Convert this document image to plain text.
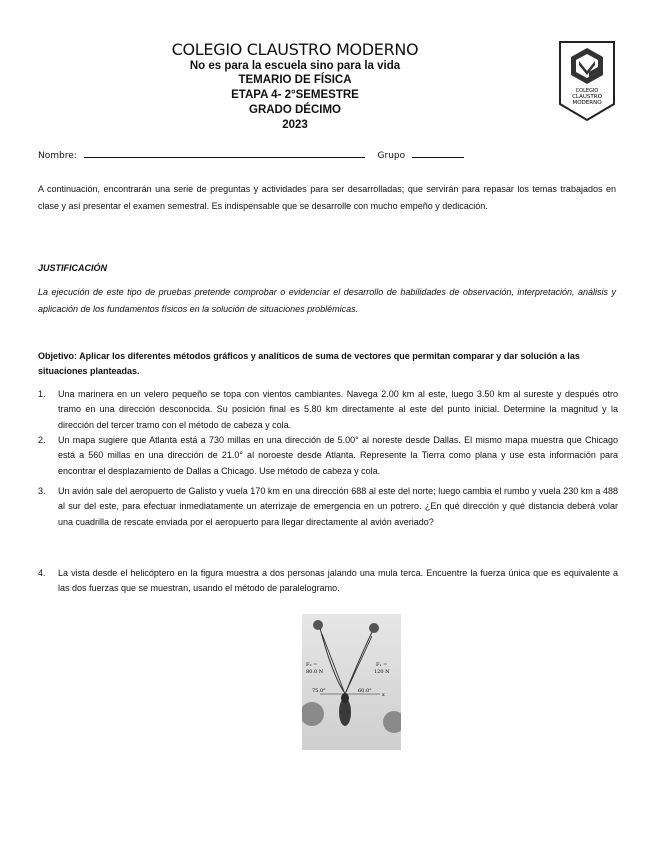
COLEGIO CLAUSTRO MODERNO
No es para la escuela sino para la vida
TEMARIO DE FÍSICA
ETAPA 4- 2°SEMESTRE
GRADO DÉCIMO
2023
COLEGIO
CLAUSTRO
MODERNO
Nombre:	Grupo
A continuación, encontrarán una serie de preguntas y actividades para ser desarrolladas; que servirán para repasar los temas trabajados en clase y así presentar el examen semestral. Es indispensable que se desarrolle con mucho empeño y dedicación.
JUSTIFICACIÓN
La ejecución de este tipo de pruebas pretende comprobar o evidenciar el desarrollo de habilidades de observación, interpretación, análisis y aplicación de los fundamentos físicos en la solución de situaciones problémicas.
Objetivo: Aplicar los diferentes métodos gráficos y analíticos de suma de vectores que permitan comparar y dar solución a las situaciones planteadas.
1.	Una marinera en un velero pequeño se topa con vientos cambiantes. Navega 2.00 km al este, luego 3.50 km al sureste y después otro tramo en una dirección desconocida. Su posición final es 5.80 km directamente al este del punto inicial. Determine la magnitud y la dirección del tercer tramo con el método de cabeza y cola.
2.	Un mapa sugiere que Atlanta está a 730 millas en una dirección de 5.00° al noreste desde Dallas. El mismo mapa muestra que Chicago está a 560 millas en una dirección de 21.0° al noroeste desde Atlanta. Represente la Tierra como plana y use esta información para encontrar el desplazamiento de Dallas a Chicago. Use método de cabeza y cola.
3.	Un avión sale del aeropuerto de Galisto y vuela 170 km en una dirección 688 al este del norte; luego cambia el rumbo y vuela 230 km a 488 al sur del este, para efectuar inmediatamente un aterrizaje de emergencia en un potrero. ¿En qué dirección y qué distancia deberá volar una cuadrilla de rescate enviada por el aeropuerto para llegar directamente al avión averiado?
4.	La vista desde el helicóptero en la figura muestra a dos personas jalando una mula terca. Encuentre la fuerza única que es equivalente a las dos fuerzas que se muestran, usando el método de paralelogramo.
x
F₂ =
80.0 N
F₁ =
120 N
75.0°	60.0°
